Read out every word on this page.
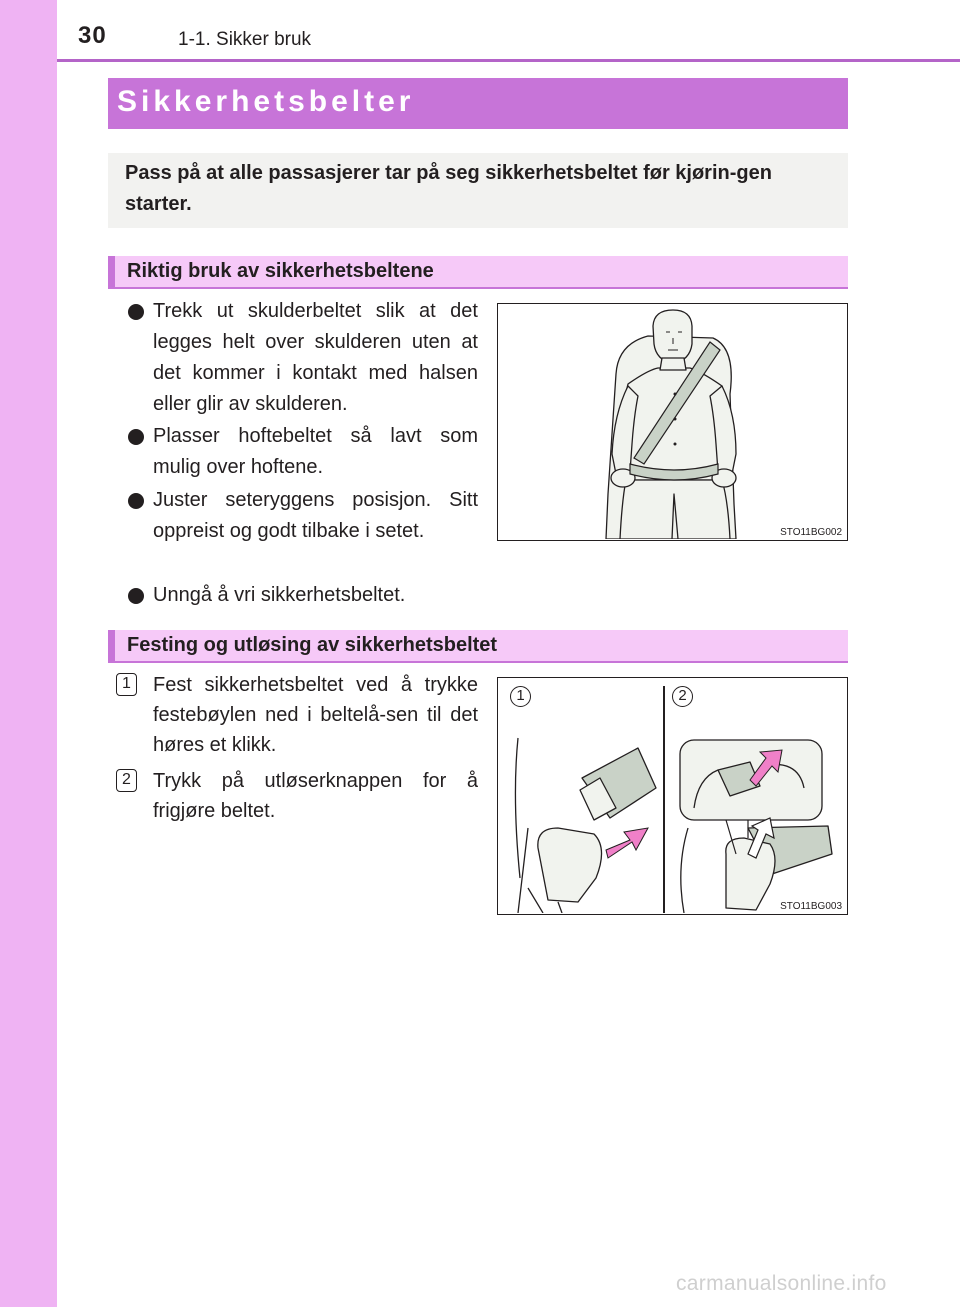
30	1-1. Sikker bruk
Sikkerhetsbelter
Pass på at alle passasjerer tar på seg sikkerhetsbeltet før kjørin-gen starter.
Riktig bruk av sikkerhetsbeltene
Trekk ut skulderbeltet slik at det legges helt over skulderen uten at det kommer i kontakt med halsen eller glir av skulderen.
Plasser hoftebeltet så lavt som mulig over hoftene.
Juster seteryggens posisjon. Sitt oppreist og godt tilbake i setet.
Unngå å vri sikkerhetsbeltet.
STO11BG002
Festing og utløsing av sikkerhetsbeltet
1	Fest sikkerhetsbeltet ved å trykke festebøylen ned i beltelå-sen til det høres et klikk.
2	Trykk på utløserknappen for å frigjøre beltet.
1	2
STO11BG003
carmanualsonline.info
